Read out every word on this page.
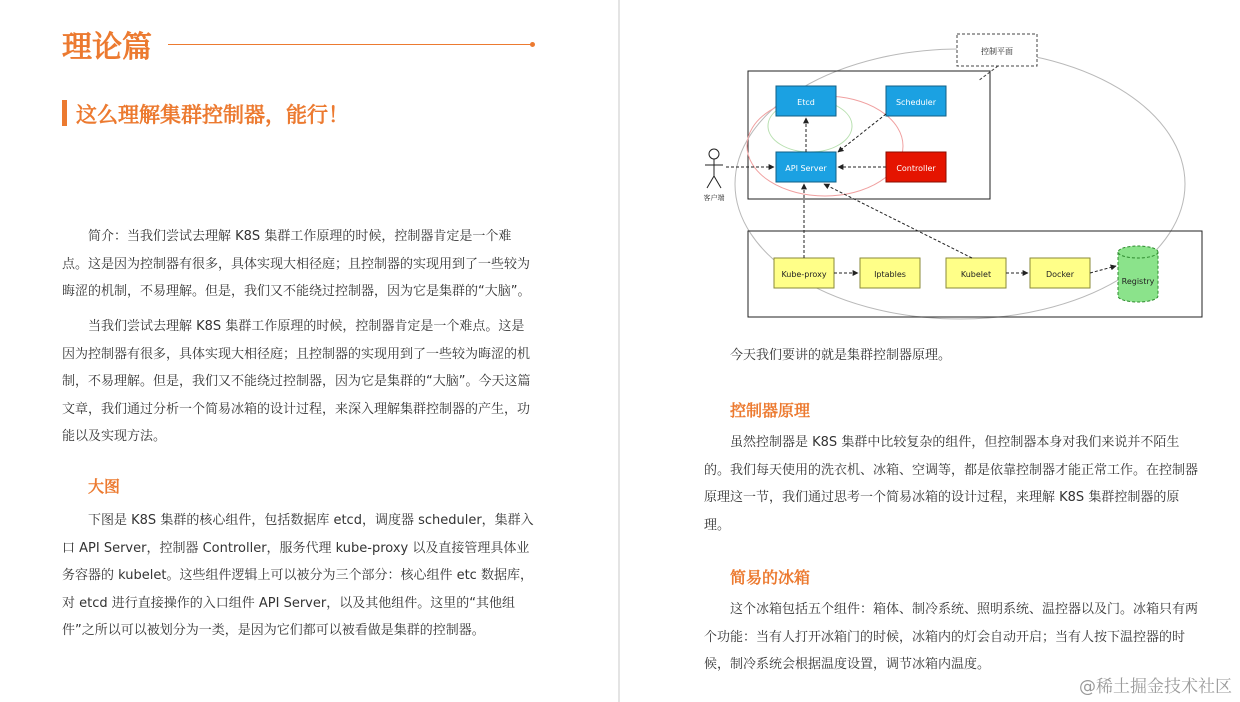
理论篇
这么理解集群控制器，能行！
简介：当我们尝试去理解 K8S 集群工作原理的时候，控制器肯定是一个难点。这是因为控制器有很多，具体实现大相径庭；且控制器的实现用到了一些较为晦涩的机制，不易理解。但是，我们又不能绕过控制器，因为它是集群的“大脑”。
当我们尝试去理解 K8S 集群工作原理的时候，控制器肯定是一个难点。这是因为控制器有很多，具体实现大相径庭；且控制器的实现用到了一些较为晦涩的机制，不易理解。但是，我们又不能绕过控制器，因为它是集群的“大脑”。今天这篇文章，我们通过分析一个简易冰箱的设计过程，来深入理解集群控制器的产生，功能以及实现方法。
大图
下图是 K8S 集群的核心组件，包括数据库 etcd，调度器 scheduler，集群入口 API Server，控制器 Controller，服务代理 kube-proxy 以及直接管理具体业务容器的 kubelet。这些组件逻辑上可以被分为三个部分：核心组件 etc 数据库，对 etcd 进行直接操作的入口组件 API Server，以及其他组件。这里的“其他组件”之所以可以被划分为一类，是因为它们都可以被看做是集群的控制器。
控制平面
Etcd	Scheduler
API Server	Controller
客户端
Kube-proxy	Iptables	Kubelet	Docker
Registry
今天我们要讲的就是集群控制器原理。
控制器原理
虽然控制器是 K8S 集群中比较复杂的组件，但控制器本身对我们来说并不陌生的。我们每天使用的洗衣机、冰箱、空调等，都是依靠控制器才能正常工作。在控制器原理这一节，我们通过思考一个简易冰箱的设计过程，来理解 K8S 集群控制器的原理。
简易的冰箱
这个冰箱包括五个组件：箱体、制冷系统、照明系统、温控器以及门。冰箱只有两个功能：当有人打开冰箱门的时候，冰箱内的灯会自动开启；当有人按下温控器的时候，制冷系统会根据温度设置，调节冰箱内温度。
@稀土掘金技术社区
